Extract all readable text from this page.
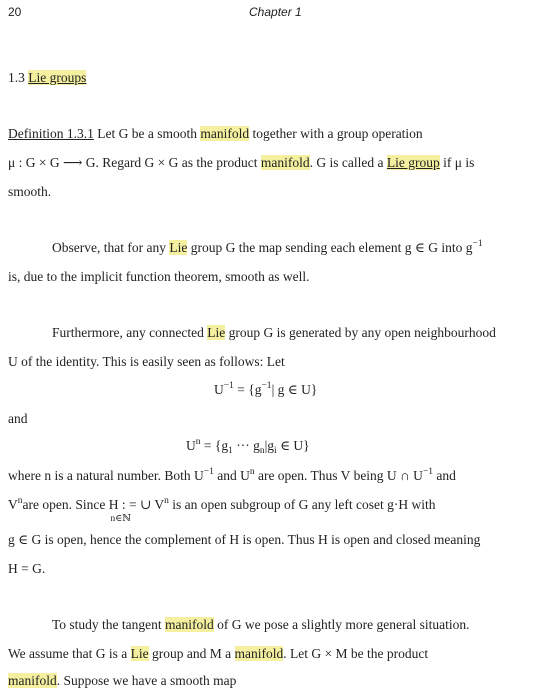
20	Chapter 1
1.3 Lie groups
Definition 1.3.1 Let G be a smooth manifold together with a group operation
μ : G × G ⟶ G. Regard G × G as the product manifold. G is called a Lie group if μ is
smooth.
Observe, that for any Lie group G the map sending each element g ∈ G into $g^{-1}$
is, due to the implicit function theorem, smooth as well.
Furthermore, any connected Lie group G is generated by any open neighbourhood
U of the identity. This is easily seen as follows: Let
$U^{-1} = \{g^{-1}|$ g ∈ U}
and
$U^n = \{g_1$ ··· $g_n|g_i$ ∈ U}
where n is a natural number. Both $U^{-1}$ and $U^n$ are open. Thus V being U ∩ $U^{-1}$ and
$V^nare$ open. Since H : = ∪ V
n∈ℕ
$^n$ is an open subgroup of G any left coset g·H with
g ∈ G is open, hence the complement of H is open. Thus H is open and closed meaning
H = G.
To study the tangent manifold of G we pose a slightly more general situation.
We assume that G is a Lie group and M a manifold. Let G × M be the product
manifold. Suppose we have a smooth map
